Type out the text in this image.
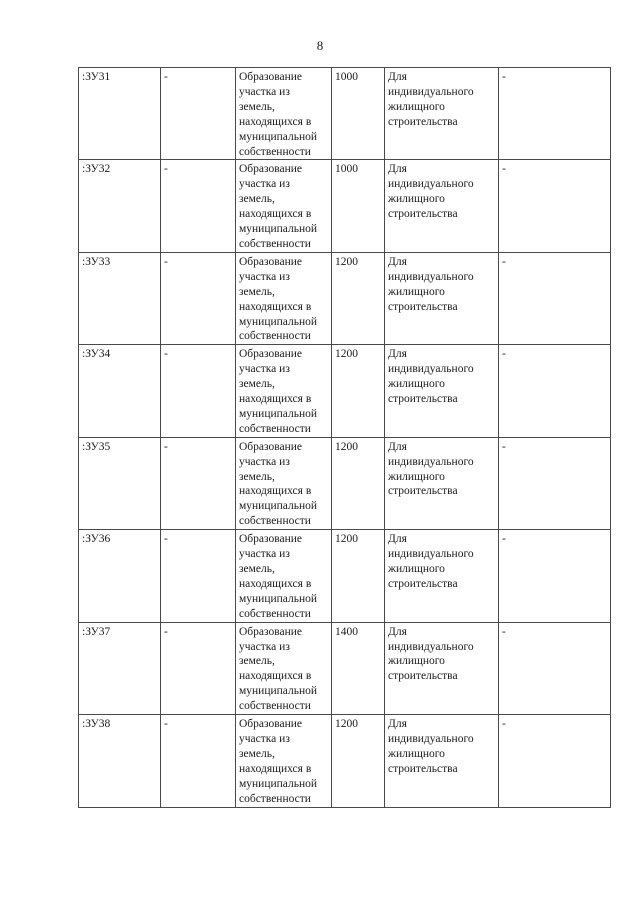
8
:ЗУ31	-	Образование участка из земель, находящихся в муниципальной собственности	1000	Для индивидуального жилищного строительства	-
:ЗУ32	-	Образование участка из земель, находящихся в муниципальной собственности	1000	Для индивидуального жилищного строительства	-
:ЗУ33	-	Образование участка из земель, находящихся в муниципальной собственности	1200	Для индивидуального жилищного строительства	-
:ЗУ34	-	Образование участка из земель, находящихся в муниципальной собственности	1200	Для индивидуального жилищного строительства	-
:ЗУ35	-	Образование участка из земель, находящихся в муниципальной собственности	1200	Для индивидуального жилищного строительства	-
:ЗУ36	-	Образование участка из земель, находящихся в муниципальной собственности	1200	Для индивидуального жилищного строительства	-
:ЗУ37	-	Образование участка из земель, находящихся в муниципальной собственности	1400	Для индивидуального жилищного строительства	-
:ЗУ38	-	Образование участка из земель, находящихся в муниципальной собственности	1200	Для индивидуального жилищного строительства	-
